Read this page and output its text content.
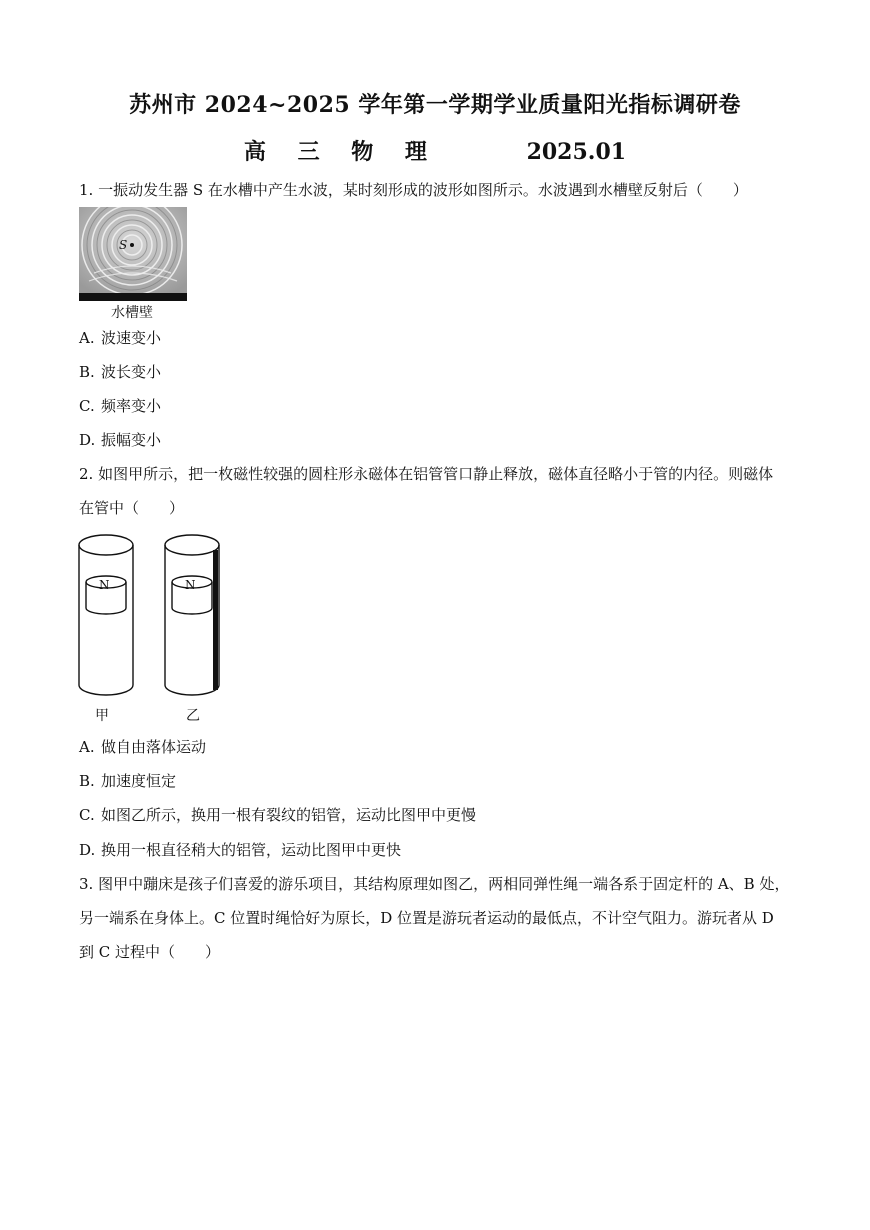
苏州市 2024~2025 学年第一学期学业质量阳光指标调研卷
高 三 物 理	2025.01
1. 一振动发生器 S 在水槽中产生水波，某时刻形成的波形如图所示。水波遇到水槽壁反射后（　　）
S
水槽壁
A. 波速变小
B. 波长变小
C. 频率变小
D. 振幅变小
2. 如图甲所示，把一枚磁性较强的圆柱形永磁体在铝管管口静止释放，磁体直径略小于管的内径。则磁体
在管中（　　）
N	N
甲	乙
A. 做自由落体运动
B. 加速度恒定
C. 如图乙所示，换用一根有裂纹的铝管，运动比图甲中更慢
D. 换用一根直径稍大的铝管，运动比图甲中更快
3. 图甲中蹦床是孩子们喜爱的游乐项目，其结构原理如图乙，两相同弹性绳一端各系于固定杆的 A、B 处，
另一端系在身体上。C 位置时绳恰好为原长，D 位置是游玩者运动的最低点，不计空气阻力。游玩者从 D
到 C 过程中（　　）
